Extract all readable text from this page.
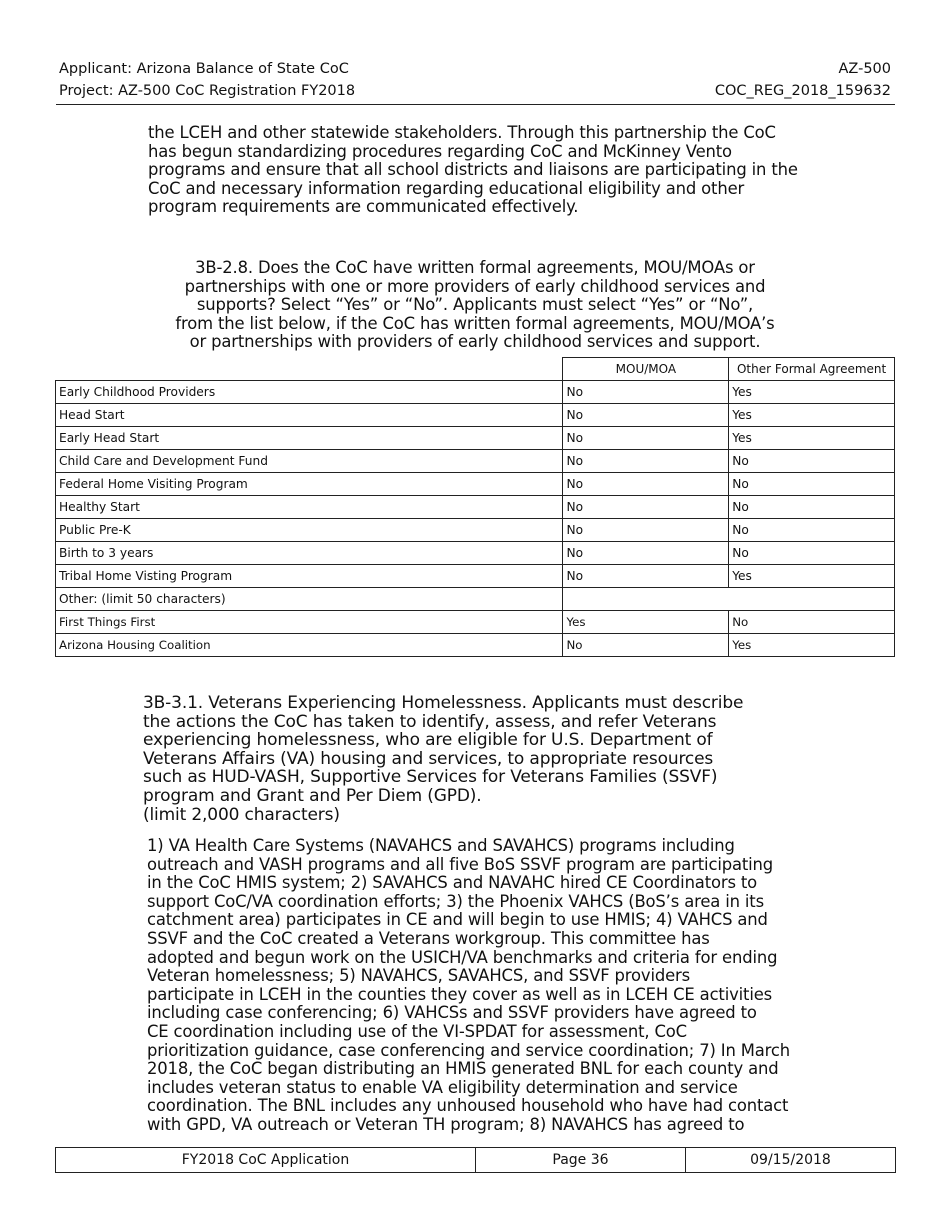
Applicant: Arizona Balance of State CoC
Project: AZ-500 CoC Registration FY2018
AZ-500
COC_REG_2018_159632
the LCEH and other statewide stakeholders. Through this partnership the CoC
has begun standardizing procedures regarding CoC and McKinney Vento
programs and ensure that all school districts and liaisons are participating in the
CoC and necessary information regarding educational eligibility and other
program requirements are communicated effectively.
3B-2.8. Does the CoC have written formal agreements, MOU/MOAs or
partnerships with one or more providers of early childhood services and
supports? Select “Yes” or “No”. Applicants must select “Yes” or “No”,
from the list below, if the CoC has written formal agreements, MOU/MOA’s
or partnerships with providers of early childhood services and support.
	MOU/MOA	Other Formal Agreement
Early Childhood Providers	No	Yes
Head Start	No	Yes
Early Head Start	No	Yes
Child Care and Development Fund	No	No
Federal Home Visiting Program	No	No
Healthy Start	No	No
Public Pre-K	No	No
Birth to 3 years	No	No
Tribal Home Visting Program	No	Yes
Other: (limit 50 characters)		
First Things First	Yes	No
Arizona Housing Coalition	No	Yes
3B-3.1. Veterans Experiencing Homelessness. Applicants must describe
the actions the CoC has taken to identify, assess, and refer Veterans
experiencing homelessness, who are eligible for U.S. Department of
Veterans Affairs (VA) housing and services, to appropriate resources
such as HUD-VASH, Supportive Services for Veterans Families (SSVF)
program and Grant and Per Diem (GPD).
(limit 2,000 characters)
1) VA Health Care Systems (NAVAHCS and SAVAHCS) programs including
outreach and VASH programs and all five BoS SSVF program are participating
in the CoC HMIS system; 2) SAVAHCS and NAVAHC hired CE Coordinators to
support CoC/VA coordination efforts; 3) the Phoenix VAHCS (BoS’s area in its
catchment area) participates in CE and will begin to use HMIS; 4) VAHCS and
SSVF and the CoC created a Veterans workgroup. This committee has
adopted and begun work on the USICH/VA benchmarks and criteria for ending
Veteran homelessness; 5) NAVAHCS, SAVAHCS, and SSVF providers
participate in LCEH in the counties they cover as well as in LCEH CE activities
including case conferencing; 6) VAHCSs and SSVF providers have agreed to
CE coordination including use of the VI-SPDAT for assessment, CoC
prioritization guidance, case conferencing and service coordination; 7) In March
2018, the CoC began distributing an HMIS generated BNL for each county and
includes veteran status to enable VA eligibility determination and service
coordination. The BNL includes any unhoused household who have had contact
with GPD, VA outreach or Veteran TH program; 8) NAVAHCS has agreed to
FY2018 CoC Application	Page 36	09/15/2018
